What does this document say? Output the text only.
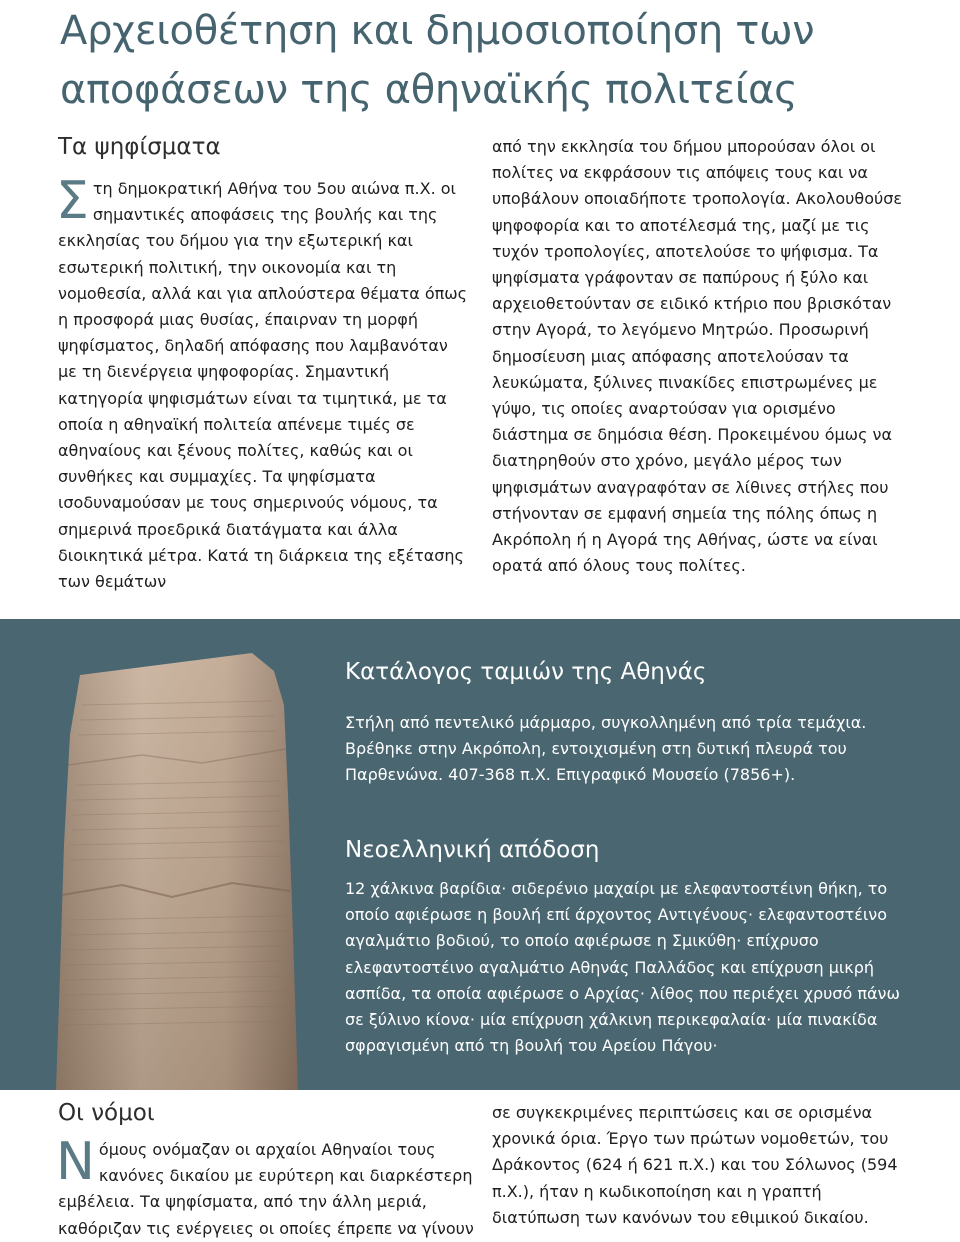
Αρχειοθέτηση και δημοσιοποίηση των αποφάσεων της αθηναϊκής πολιτείας
Τα ψηφίσματα
Σ τη δημοκρατική Αθήνα του 5ου αιώνα π.Χ. οι σημαντικές αποφάσεις της βουλής και της εκκλησίας του δήμου για την εξωτερική και εσωτερική πολιτική, την οικονομία και τη νομοθεσία, αλλά και για απλούστερα θέματα όπως η προσφορά μιας θυσίας, έπαιρναν τη μορφή ψηφίσματος, δηλαδή απόφασης που λαμβανόταν με τη διενέργεια ψηφοφορίας. Σημαντική κατηγορία ψηφισμάτων είναι τα τιμητικά, με τα οποία η αθηναϊκή πολιτεία απένεμε τιμές σε αθηναίους και ξένους πολίτες, καθώς και οι συνθήκες και συμμαχίες. Τα ψηφίσματα ισοδυναμούσαν με τους σημερινούς νόμους, τα σημερινά προεδρικά διατάγματα και άλλα διοικητικά μέτρα. Κατά τη διάρκεια της εξέτασης των θεμάτων
από την εκκλησία του δήμου μπορούσαν όλοι οι πολίτες να εκφράσουν τις απόψεις τους και να υποβάλουν οποιαδήποτε τροπολογία. Ακολουθούσε ψηφοφορία και το αποτέλεσμά της, μαζί με τις τυχόν τροπολογίες, αποτελούσε το ψήφισμα. Τα ψηφίσματα γράφονταν σε παπύρους ή ξύλο και αρχειοθετούνταν σε ειδικό κτήριο που βρισκόταν στην Αγορά, το λεγόμενο Μητρώο. Προσωρινή δημοσίευση μιας απόφασης αποτελούσαν τα λευκώματα, ξύλινες πινακίδες επιστρωμένες με γύψο, τις οποίες αναρτούσαν για ορισμένο διάστημα σε δημόσια θέση. Προκειμένου όμως να διατηρηθούν στο χρόνο, μεγάλο μέρος των ψηφισμάτων αναγραφόταν σε λίθινες στήλες που στήνονταν σε εμφανή σημεία της πόλης όπως η Ακρόπολη ή η Αγορά της Αθήνας, ώστε να είναι ορατά από όλους τους πολίτες.
Κατάλογος ταμιών της Αθηνάς

Στήλη από πεντελικό μάρμαρο, συγκολλημένη από τρία τεμάχια. Βρέθηκε στην Ακρόπολη, εντοιχισμένη στη δυτική πλευρά του Παρθενώνα. 407-368 π.Χ. Επιγραφικό Μουσείο (7856+).

Νεοελληνική απόδοση

12 χάλκινα βαρίδια· σιδερένιο μαχαίρι με ελεφαντοστέινη θήκη, το οποίο αφιέρωσε η βουλή επί άρχοντος Αντιγένους· ελεφαντοστέινο αγαλμάτιο βοδιού, το οποίο αφιέρωσε η Σμικύθη· επίχρυσο ελεφαντοστέινο αγαλμάτιο Αθηνάς Παλλάδος και επίχρυση μικρή ασπίδα, τα οποία αφιέρωσε ο Αρχίας· λίθος που περιέχει χρυσό πάνω σε ξύλινο κίονα· μία επίχρυση χάλκινη περικεφαλαία· μία πινακίδα σφραγισμένη από τη βουλή του Αρείου Πάγου·

Οι νόμοι
Ν όμους ονόμαζαν οι αρχαίοι Αθηναίοι τους κανόνες δικαίου με ευρύτερη και διαρκέστερη εμβέλεια. Τα ψηφίσματα, από την άλλη μεριά, καθόριζαν τις ενέργειες οι οποίες έπρεπε να γίνουν
σε συγκεκριμένες περιπτώσεις και σε ορισμένα χρονικά όρια. Έργο των πρώτων νομοθετών, του Δράκοντος (624 ή 621 π.Χ.) και του Σόλωνος (594 π.Χ.), ήταν η κωδικοποίηση και η γραπτή διατύπωση των κανόνων του εθιμικού δικαίου.
